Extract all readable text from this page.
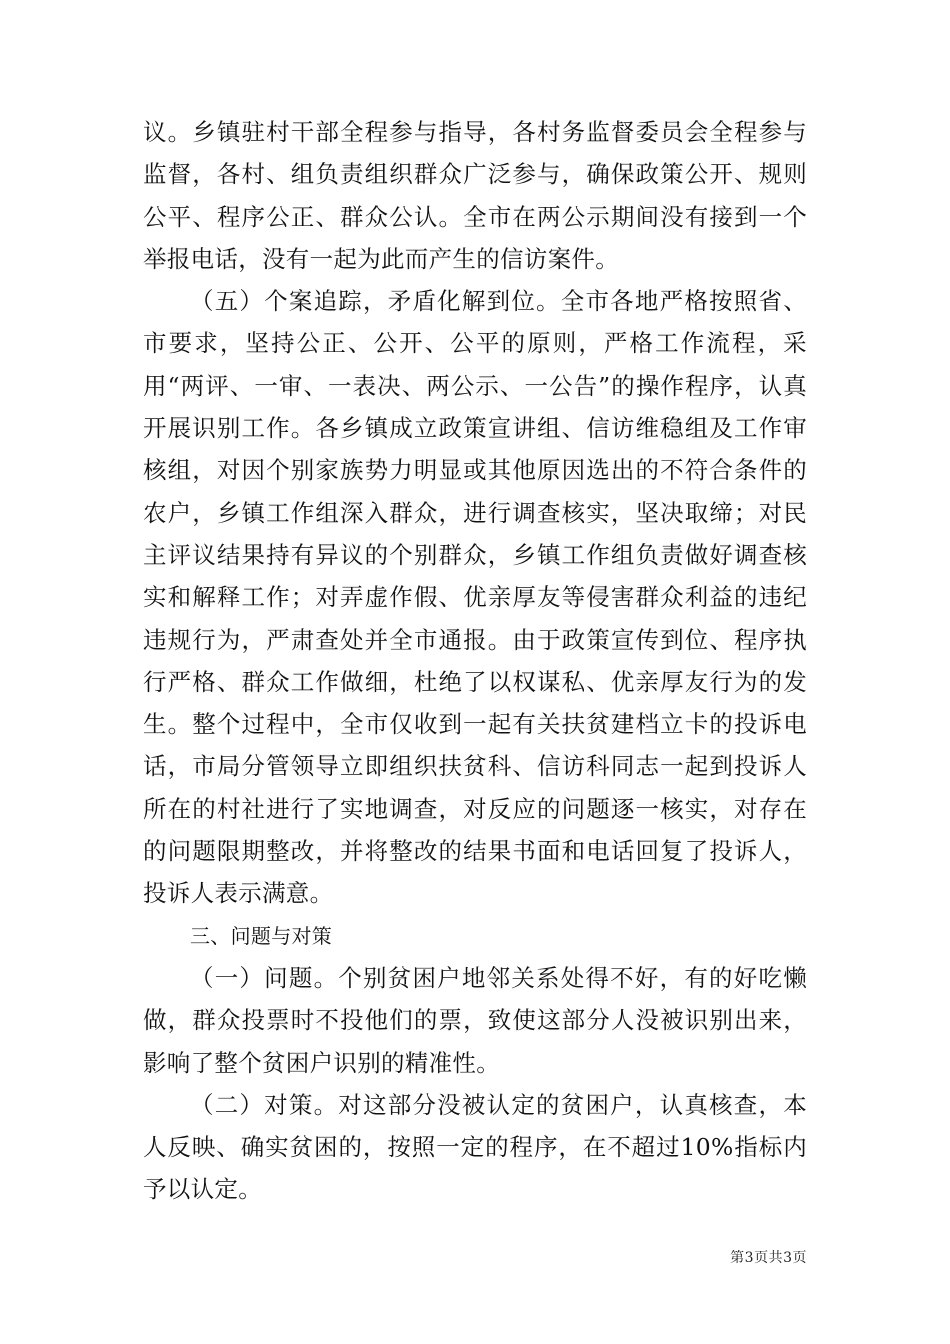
议。乡镇驻村干部全程参与指导，各村务监督委员会全程参与监督，各村、组负责组织群众广泛参与，确保政策公开、规则公平、程序公正、群众公认。全市在两公示期间没有接到一个举报电话，没有一起为此而产生的信访案件。

（五）个案追踪，矛盾化解到位。全市各地严格按照省、市要求，坚持公正、公开、公平的原则，严格工作流程，采用“两评、一审、一表决、两公示、一公告”的操作程序，认真开展识别工作。各乡镇成立政策宣讲组、信访维稳组及工作审核组，对因个别家族势力明显或其他原因选出的不符合条件的农户，乡镇工作组深入群众，进行调查核实，坚决取缔；对民主评议结果持有异议的个别群众，乡镇工作组负责做好调查核实和解释工作；对弄虚作假、优亲厚友等侵害群众利益的违纪违规行为，严肃查处并全市通报。由于政策宣传到位、程序执行严格、群众工作做细，杜绝了以权谋私、优亲厚友行为的发生。整个过程中，全市仅收到一起有关扶贫建档立卡的投诉电话，市局分管领导立即组织扶贫科、信访科同志一起到投诉人所在的村社进行了实地调查，对反应的问题逐一核实，对存在的问题限期整改，并将整改的结果书面和电话回复了投诉人，投诉人表示满意。

三、问题与对策

（一）问题。个别贫困户地邻关系处得不好，有的好吃懒做，群众投票时不投他们的票，致使这部分人没被识别出来，影响了整个贫困户识别的精准性。

（二）对策。对这部分没被认定的贫困户，认真核查，本人反映、确实贫困的，按照一定的程序，在不超过10%指标内予以认定。

第3页共3页
